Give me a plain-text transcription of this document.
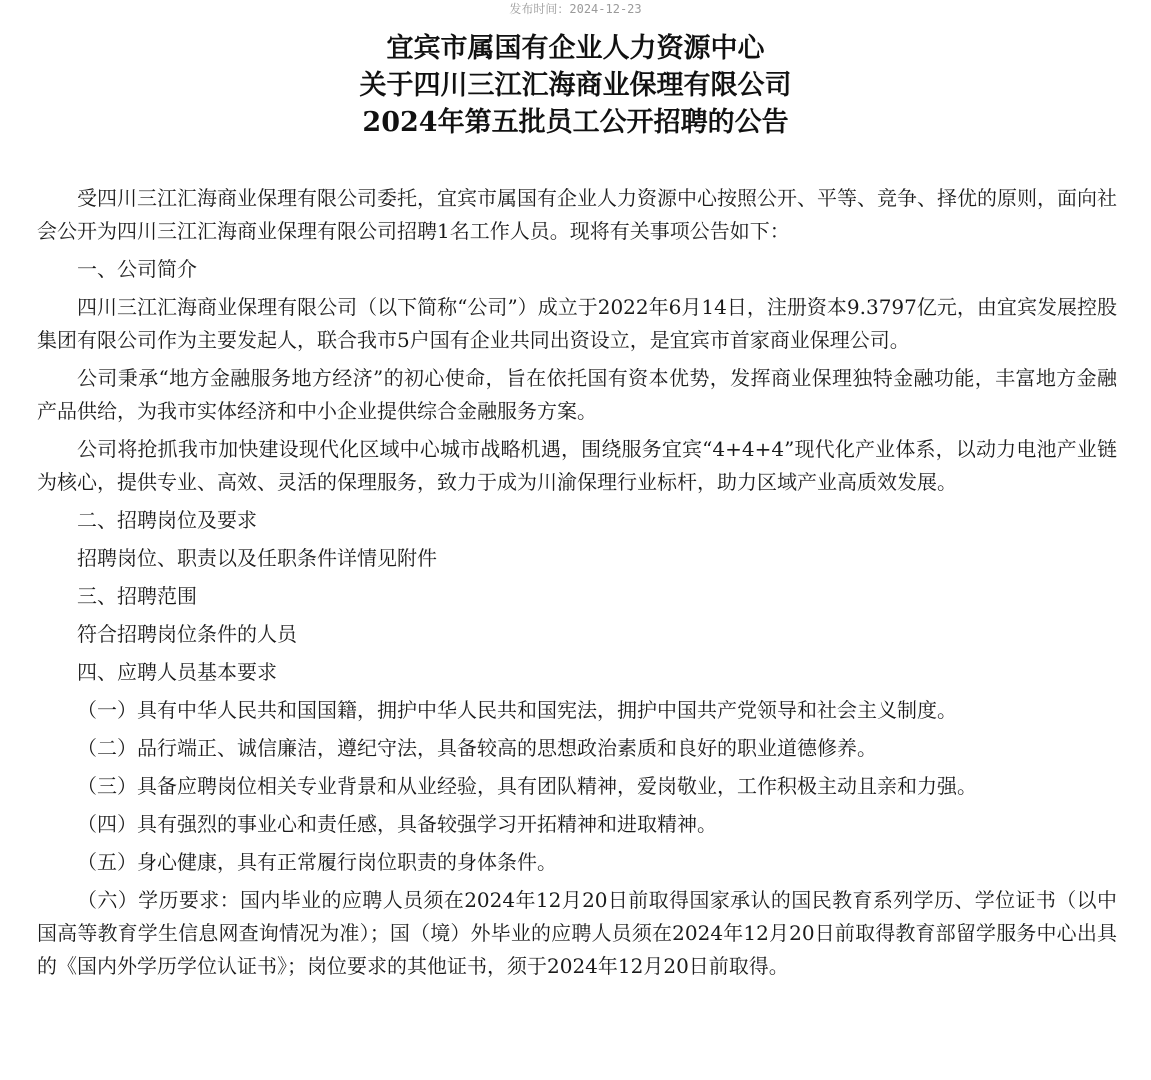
发布时间：2024-12-23
宜宾市属国有企业人力资源中心
关于四川三江汇海商业保理有限公司
2024年第五批员工公开招聘的公告

受四川三江汇海商业保理有限公司委托，宜宾市属国有企业人力资源中心按照公开、平等、竞争、择优的原则，面向社会公开为四川三江汇海商业保理有限公司招聘1名工作人员。现将有关事项公告如下：

一、公司简介

四川三江汇海商业保理有限公司（以下简称“公司”）成立于2022年6月14日，注册资本9.3797亿元，由宜宾发展控股集团有限公司作为主要发起人，联合我市5户国有企业共同出资设立，是宜宾市首家商业保理公司。

公司秉承“地方金融服务地方经济”的初心使命，旨在依托国有资本优势，发挥商业保理独特金融功能，丰富地方金融产品供给，为我市实体经济和中小企业提供综合金融服务方案。

公司将抢抓我市加快建设现代化区域中心城市战略机遇，围绕服务宜宾“4+4+4”现代化产业体系，以动力电池产业链为核心，提供专业、高效、灵活的保理服务，致力于成为川渝保理行业标杆，助力区域产业高质效发展。

二、招聘岗位及要求

招聘岗位、职责以及任职条件详情见附件

三、招聘范围

符合招聘岗位条件的人员

四、应聘人员基本要求

（一）具有中华人民共和国国籍，拥护中华人民共和国宪法，拥护中国共产党领导和社会主义制度。

（二）品行端正、诚信廉洁，遵纪守法，具备较高的思想政治素质和良好的职业道德修养。

（三）具备应聘岗位相关专业背景和从业经验，具有团队精神，爱岗敬业，工作积极主动且亲和力强。

（四）具有强烈的事业心和责任感，具备较强学习开拓精神和进取精神。

（五）身心健康，具有正常履行岗位职责的身体条件。

（六）学历要求：国内毕业的应聘人员须在2024年12月20日前取得国家承认的国民教育系列学历、学位证书（以中国高等教育学生信息网查询情况为准）；国（境）外毕业的应聘人员须在2024年12月20日前取得教育部留学服务中心出具的《国内外学历学位认证书》；岗位要求的其他证书，须于2024年12月20日前取得。
